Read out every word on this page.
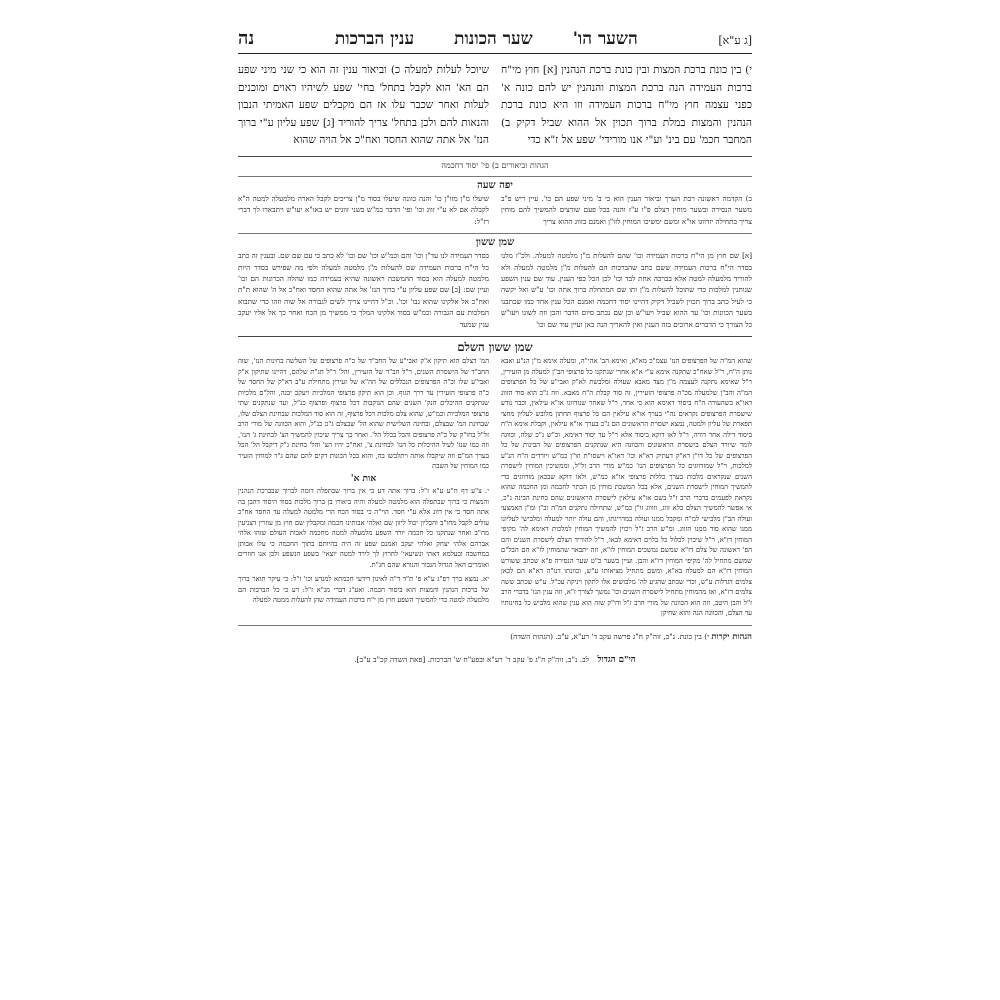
[ג ע"א]
השער הו'
שער הכונות
ענין הברכות
נה
י) בין כונת ברכת המצות ובין כונת ברכת הנהנין [א] חוץ מי"ח ברכות העמידה הנה ברכת המצות והנהנין יש להם כונה א' כפני עצמה חוץ מי"ח ברכות העמידה וזו היא כונת ברכת הנהנין והמצות במלת ברוך תכוין אל ההוא שביל דקיק ב) המחבר חכמ' עם בינ' וע"י אנו מורידי' שפע אל ז"א כדי
שיוכל לעלות למעלה כ) וביאור ענין זה הוא כי שני מיני שפע הם הא' הוא לקבל בתחל' בחי' שפע לשיהיו ראוים ומוכנים לעלות ואחר שכבר עלו אז הם מקבלים שפע האמיתי הנבון והנאות להם ולכן בתחל' צריך להוריד [ג] שפע עליון ע"י ברוך הנז' אל אתה שהוא החסד ואח"כ אל הויה שהוא
הגהות וביאורים ב) פי' יסוד דחכמה
יפה שעה
כ) הקדמה ראשונה רבת הערך וביאור הענין הוא כי ב' מיני שפע הם כו'. עיין ריש פ"ב משער הנסירה ובשער מוחין דצלם פ"ו ע"ז והנה בכל פעם שורצים להמשיך להם מוחין צריך בתחילה יזדווגו או"א ומשם ימשיכו המוחין לזו"ן ואמנם בזווג ההוא צריך
שיעלו מ"ן מזו"ן כו' והנה כוונה שיעלו בסוד מ"ן צריכים לקבל הארה מלמעלה למטה ה"א לקבלה אם לא ע"י זווג וכו' ופי' הדבר כמ"ש בשני זווגים יש באו"א יעו"ש ויתבארו לך דברי רז"ל:
שמן ששון
[א] שם חוץ מן הי"ח ברכות העמידה וכו' שהם להעלות מ"ן מלמטה למעלה. ולכ"ז מלנו בסדר הי"ח ברכות העמידה ששם כתב שהברכות הם להעלות מ"ן מלמטה למעלה ולא להוריד מלמעלה למטה אלא בברכה אחת לבד וכו' לכן הכל כפי הענין. עוד שם ענין השפע שנותנין למלכות כדי שתוכל להעלות מ"ן ותו שם המתחלת ברוך אתה וכו' ע"ש ואל יקשה כי לעיל כתב ברוך תכוין לשביל דקיק דהיינו יסוד דחכמה ואמנם הכל ענין אחד כמו שכתבנו בשער הכוונות וכו' עד ההוא שביל ויעו"ש וכן שם נכתב סיום הדבר והבן וזה לשונו ויעו"ש כל הצורך כי הדברים ארוכים בזה הענין ואין להאריך הנה כאן ועיין עוד שם וכו'
בסדר העמידה לנו עד"ן וכו' והם וכמ"ש וכו' שם וכו' לא כתב כי עם שם שם. ובענין זה כתב כל הי"ח ברכות העמידה שם להעלות מ"ן מלמטה למעלה ולפי מה שפירש בסדר היות מלמטה למעלה הוא בסוד ההמשכה ראשונה שהיא בעמידה כמו שהלה הכרונות הם וכו' ועיין שם: [ב] שם שפע עליון ע"י ברוך הנז' אל אתה שהוא החסד ואח"כ אל ה' שהוא ת"ת ואח"כ אל אלקינו שהוא גבו' וכו'. וכ"ל דהיינו צריך לשים לגבורה אל שוה וזהו כדי שתבוא המלכות עם הגבורה וכמ"ש בסוד אלקינו המלך כי ממשיך מן הכח ואחר כך אל אליו יעקב ענין שמעד
שמן ששון השלם
שהוא המ"ה של הפרצופים הנז' עצמ"כ מא"א, ואימא הב' אהי"ה, ומעלה אימא מ"ן הנ"ע ואבא נותן ה"ח, ר"ל שאח"כ שתקנה אימא ע"י א"א אחרי שנתקנו כל פרצופי הב"ן למעלה מן הזעירין, ר"ל שאימא נתקנה לעצמה מ"ן מצד מאבא שעולה ומלבשת לא"ק ואבי"ע של כל הפרצופים המ"ה והב"ן שלמעלה מכ"ה פרצופי הזעירין, זה סוד קבלת ה"ח מאבא. וזה ג"כ הוא סוד הזווג דאו"א בשהעורה ה"ח ביסוד דאימא הוא כי אחר, ר"ל שאחר שנזדווגו או"א עילאין, וכבר נודע שישסרת הפרצופים נקראים נה"י בערך או"א עילאין הם כל פרצוף תחתון מלובש לעליון מחצי תפארת של עליון ולמטה, נמצא ישסרת הראשונים הם ג"כ בערך או"א עילאין, וקבלת אימא ה"ח ביסוד דילה אחר דורה, ר"ל לאו דוקא ביסוד אלא ר"ל עד יסוד דאימא, וכ"ש ג"כ שלה, וכוונה לומר שיורד הצלם בישסרת הראשונים והכוונה היא שנתקנים הפרצופים של הבינות של כל הפרצופים של כל דו"ן דא"ק דעתיק דא"א וכו' דאו"א וישסו"ת וזו"ן כמ"ש ויורדים ה"ח הנ"ע למלכות, ר"ל שמזדווגים כל הפרצופים הנז' כמ"ש מורי הרב זל"ל, וממשיכין המוחין לישסרת השנים שנקראים מלכות בערך כללות פרצופי או"א כמ"ש, ולאו דוקא שבכאן מזדווגים כדי להמשיך המוחין לישסרת השנים, אלא בכל המשכת מוחין מן הכתר לחכמה ומן החכמה שהוא נקראת לפעמים בדברי הרב ז"ל בשם או"א עילאין לישסרת הראשונים שהם בחינת הבינה ג"כ, אי אפשר להמשיך הצלם בלא זווג, וזוווג זו"ן כמ"ש, שתחילה נתקנים המ"ה וב"ן ומ"ן האמצעי ועולה הב"ן מלבישי למ"ה ומקבל ממנו ועולה במדריגתו, והם עולה יותר למעלה ומלבישי לעליונו ממנו שהוא סוד ממנו הזווג. ומ"ש הרב ז"ל ויכוין להמשיך המוחין למלכות דאימא לה' מקיפי המוחין דז"א, ר"ל שיכוין לכלול כל בלוים דאימא לבאו, ר"ל להוריד הצלם לישסרת השנים והם הפ' ראשונה של צלם דז"א שמשם נמשכים המוחין לז"א, וזה יתבאר שהמוחין לז"א הם הבל"ם שמשם מתחיל לה' מקיפי המוחין דז"א והבן. ועיין בשער כ"ט שער הנסירה פ"א שכתב ששורש המוחין דז"א הם למעלה בא"א, ומשם מתחיל מציאותו ע"ש, וכוונתו דנו"ה דא"א הם לכאן צלמים דגדלות ע"ש, וכדי שכתב שהגיע לה' מלבושים אלו לתקון ויניקה עכ"ל. ע"ש שכתב ששה צלמים דז"א, ואז מהמוחין מתחיל לישסרת השנים וכו' נמשך לצורך ז"א, וזה ענין הנז' בדברי הרב ז"ל והבן היטב, וזה הוא הכוונה של מורי הרב ז"ל ודו"ק שזה הוא ענין שהוא מלביש כל בחינותיו עד הצלם, והכוונה הנה והוא שחיקן
המ' דצלם הוא תיקון א"ק ואבי"ע של החב"ד של כ"ה פרצופים של השלשה בחינות הנז', שזה החב"ד של הישסרת השנים, ר"ל חב"ד של הזעירין, והל' ר"ל חג"ת שלהם, דהיינו שתיקון א"ק ואבי"ע שלו וכ"ה הפרצופים הנכללים של הה"א של זעירין מתחילת ע"ב דא"ק של החסד של כ"ה פרצופי הזעירין עד דרך הגוף. וכן הוא תיקון פרצופי המלכיות ויעקב יבנה, והל"ם מלכיות שנתקנים ההיכלים הנק' השנים שהם הנוקבות דכל פרצוף ופרצוף כנ"ל, ועד שנתקנים שתי פרצופי המלכיות וכמ"ש, שהוא צלם מלכות דכל פרצוף, זה הוא סוד המלכות שבחינת הצלם שלו, שבחינת המ' שבצלם, ובחינה השלישית שהוא הל' שבצלם ג"כ כנ"ל, והוא הכוונה של מורי הרב זל"ל בחו"ק של כ"ה פרצופים והכל בכלל הל'. ואחר כך צריך שיכוין להמשיך הצ' לבחינת ג' הנז', וזה כמו שנז' לעיל ההיכלות כל הנז' לבחינת צ', ואח"כ יהיו הצ' והל' בחינת ג"ק דיקבל הל' הכל בערך המ"ם וזה שיקבלו אותה ויתלבשו בה, והוא בכל הכונות דקים להם שהם ג"ר למוחין הזעיר כמו המוחין של השבת
אות א'
י. צ"ע דף ח"ע ע"א ז"ל: ברוך אתה דע כי אין ברוך שבתפלה דומה לברוך שבברכת הנהנין והמצות כי ברוך שבתפלה הוא מלמטה למעלה והיה ביאורו בן ברוך מלכות בסוד היסוד דהבן בה אתה חסד כי אין דוונ אלא ע"י חסד. הוי"ה כי בסוד הכח הרי מלמטה למעלה עד החסד אח"כ עולים לקבל מחו"ב והכליון יכול ליזון שם ואלהי אבותינו חכמה ומקבלין שם חוץ מן עוזרין דצניעין מח"ב ואחר שנתקנו כל חכמה יורד השפע מלמעלה למטה מחכמה לאבות העולם שזהו אלהי אברהם אלהי יצחק ואלהי יעקב ואמנם שפע זה היה בהיותם בתוך החכמה כי עלו אבותן במחשבה ובעלמא דאתי ונשיעאי' לחרוץ לך לירד למטה יוצאי' בשפע הנשפע ולכן אנו חוזרים ואומרים האל הגדול הגבור והנורא שהם חג"ת.
יא. נמצא ברך רפ"ג ע"א פ' ת"ד ד"ה לאינון דידעי חכמתא למנדע וכו' ז"ל: כי עיקר תואר ברוך של ברכות הנהנין והמצות הוא ביסוד חכמה. ואע"ג דברי מנ"א ז"ל: דע כי כל הברכות הם מלמעלה למטה כדי להמשיך השפע חוץ מן י"ח ברכות העמידה שהן להעלות ממטה למעלה
הגהות יקרות י) בין כונת. נ"ב, זוה"ק ח"ג פרשה עקב ד' רע"א, ע"ב. (הגהות השדה)
הי"ם הגדול לב. נ"ב, זוה"ק ח"ג פ' עקב ד' רע"א ובפע"ח ש' הברכות. [פאת השדה קכ"ב ע"ב].
